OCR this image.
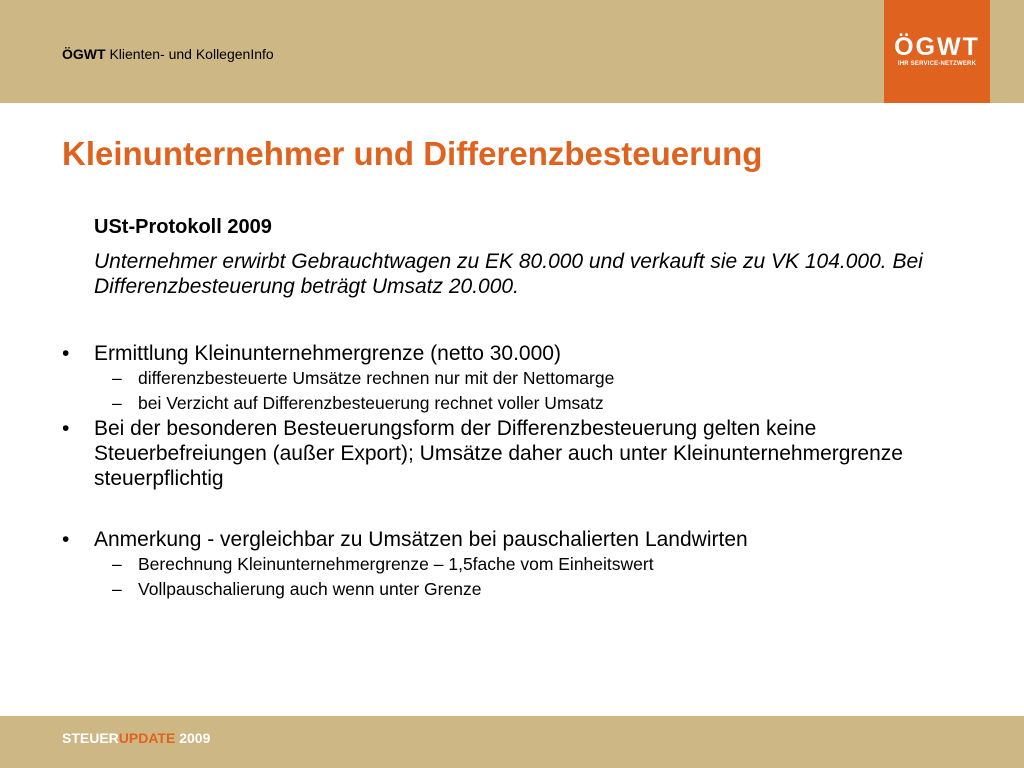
ÖGWT Klienten- und KollegenInfo	ÖGWT
IHR SERVICE-NETZWERK
Kleinunternehmer und Differenzbesteuerung
USt-Protokoll 2009
Unternehmer erwirbt Gebrauchtwagen zu EK 80.000 und verkauft sie zu VK 104.000. Bei Differenzbesteuerung beträgt Umsatz 20.000.
•	Ermittlung Kleinunternehmergrenze (netto 30.000)
– differenzbesteuerte Umsätze rechnen nur mit der Nettomarge
– bei Verzicht auf Differenzbesteuerung rechnet voller Umsatz
•	Bei der besonderen Besteuerungsform der Differenzbesteuerung gelten keine Steuerbefreiungen (außer Export); Umsätze daher auch unter Kleinunternehmergrenze steuerpflichtig
•	Anmerkung - vergleichbar zu Umsätzen bei pauschalierten Landwirten
– Berechnung Kleinunternehmergrenze – 1,5fache vom Einheitswert
– Vollpauschalierung auch wenn unter Grenze
STEUERUPDATE 2009
